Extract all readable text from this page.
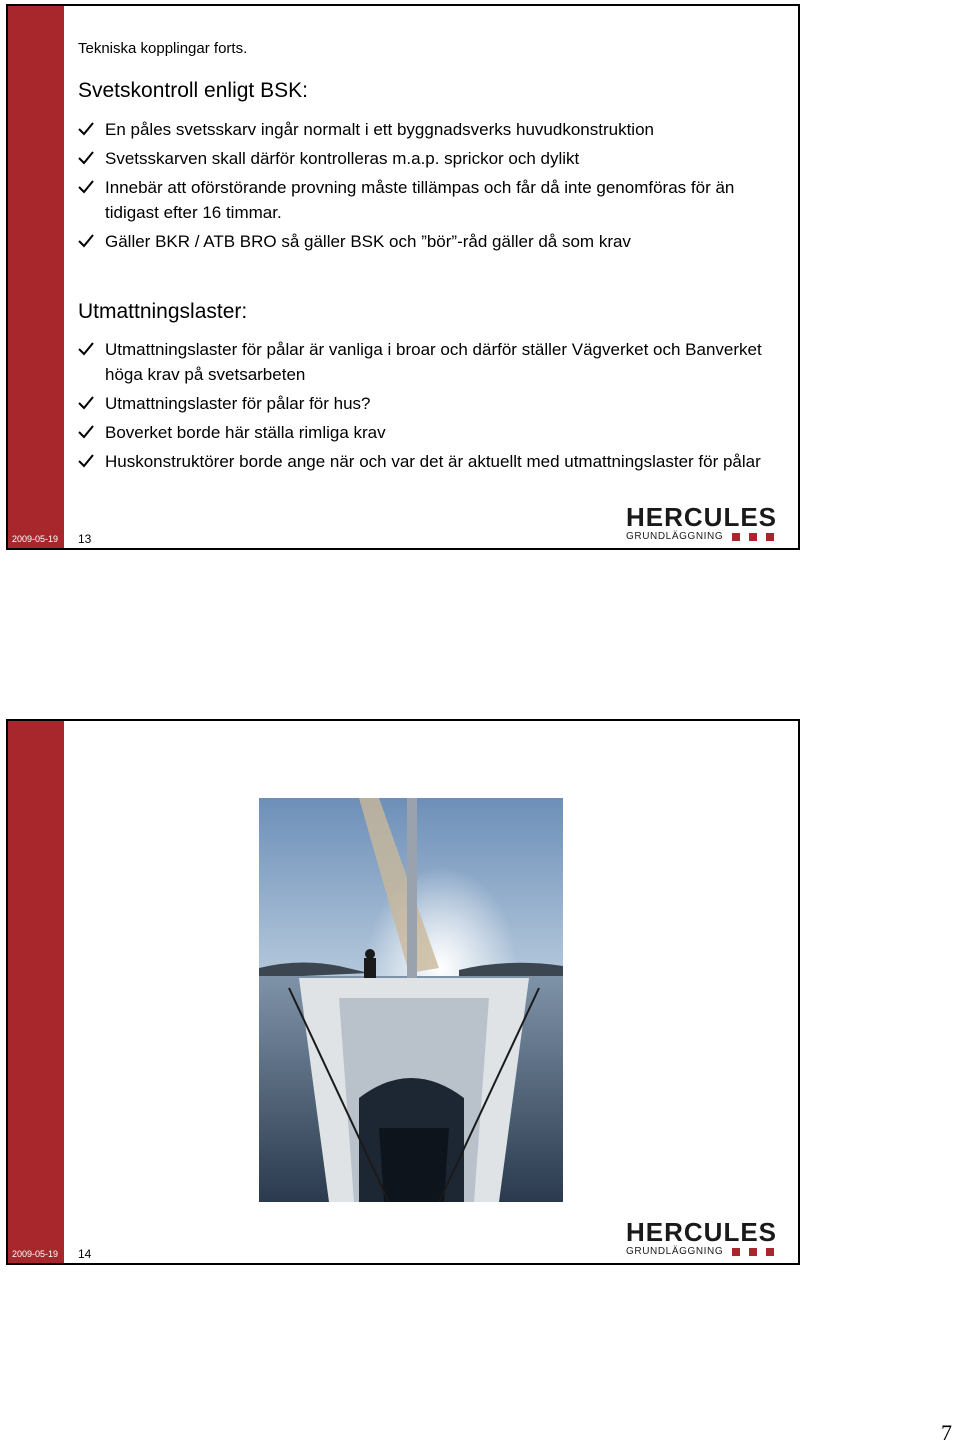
2009-05-19 13
Tekniska kopplingar forts.
Svetskontroll enligt BSK:
En påles svetsskarv ingår normalt i ett byggnadsverks huvudkonstruktion
Svetsskarven skall därför kontrolleras m.a.p. sprickor och dylikt
Innebär att oförstörande provning måste tillämpas och får då inte genomföras för än tidigast efter 16 timmar.
Gäller BKR / ATB BRO så gäller BSK och ”bör”-råd gäller då som krav
Utmattningslaster:
Utmattningslaster för pålar är vanliga i broar och därför ställer Vägverket och Banverket höga krav på svetsarbeten
Utmattningslaster för pålar för hus?
Boverket borde här ställa rimliga krav
Huskonstruktörer borde ange när och var det är aktuellt med utmattningslaster för pålar
HERCULES
GRUNDLÄGGNING
2009-05-19 14
HERCULES
GRUNDLÄGGNING
7
